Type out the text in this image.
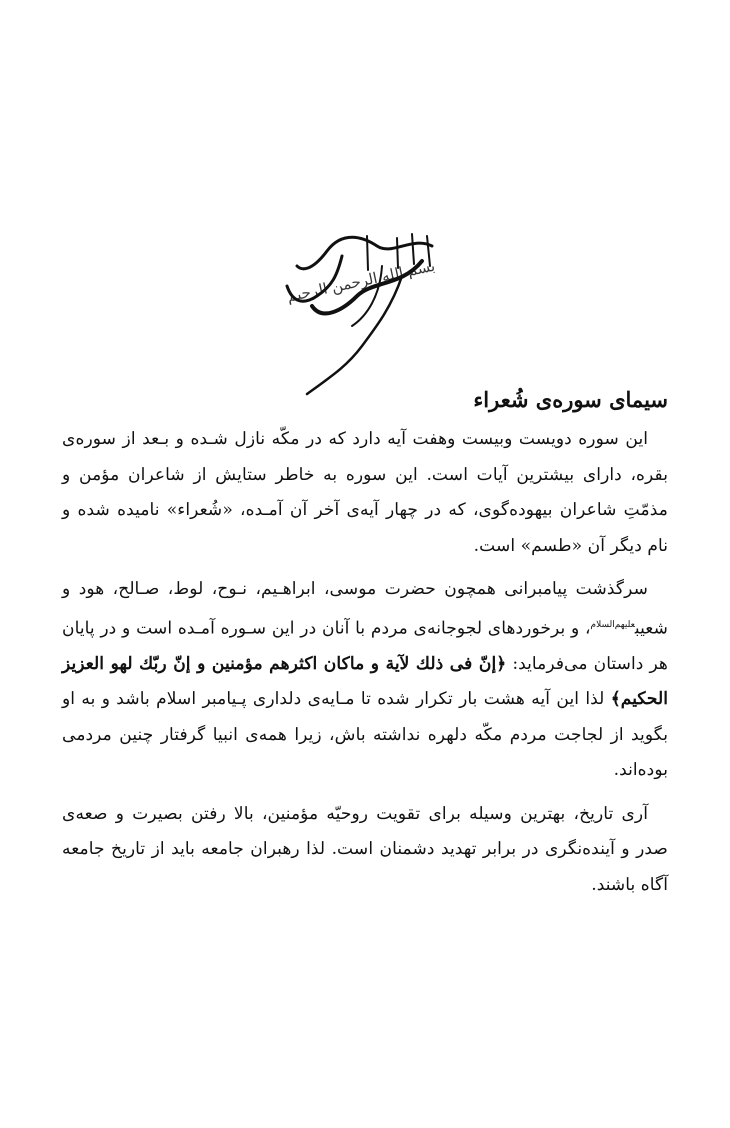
بسم الله الرحمن الرحيم
سیمای سوره‌ی شُعراء

این سوره دویست وبیست وهفت آیه دارد که در مکّه نازل شـده و بـعد از سوره‌ی بقره، دارای بیشترین آیات است. این سوره به خاطر ستایش از شاعران مؤمن و مذمّتِ شاعران بیهوده‌گوی، که در چهار آیه‌ی آخر آن آمـده، «شُعراء» نامیده شده و نام دیگر آن «طسم» است.

سرگذشت پیامبرانی همچون حضرت موسی، ابراهـیم، نـوح، لوط، صـالح، هود و شعیب$^{علیهم‌السلام}$، و برخوردهای لجوجانه‌ی مردم با آنان در این سـوره آمـده است و در پایان هر داستان می‌فرماید: ﴿إنّ فی ذلك لآية و ماكان اكثرهم مؤمنين و إنّ ربّك لهو العزيز الحكيم﴾ لذا این آیه هشت بار تکرار شده تا مـایه‌ی دلداری پـیامبر اسلام باشد و به او بگوید از لجاجت مردم مکّه دلهره نداشته باش، زیرا همه‌ی انبیا گرفتار چنین مردمی بوده‌اند.

آری تاریخ، بهترین وسیله برای تقویت روحیّه مؤمنین، بالا رفتن بصیرت و صعه‌ی صدر و آینده‌نگری در برابر تهدید دشمنان است. لذا رهبران جامعه باید از تاریخ جامعه آگاه باشند.
